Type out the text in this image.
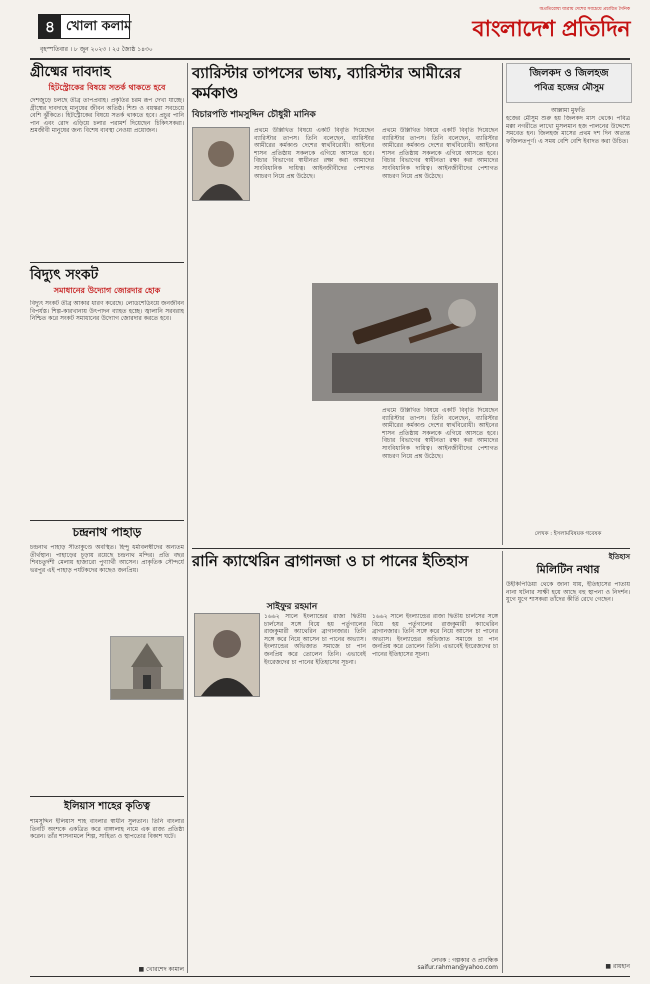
৪ খোলা কলাম
বৃহস্পতিবার । ৮ জুন ২০২৩ । ২৫ জ্যৈষ্ঠ ১৪৩০
অপ্রতিরোধ্য যাত্রায় দেশের সবচেয়ে প্রচারিত দৈনিক
বাংলাদেশ প্রতিদিন
গ্রীষ্মের দাবদাহ
হিটস্ট্রোকের বিষয়ে সতর্ক থাকতে হবে
দেশজুড়ে চলছে তীব্র তাপপ্রবাহ। প্রকৃতির চরম রূপ দেখা যাচ্ছে। গ্রীষ্মের দাবদাহে মানুষের জীবন অতিষ্ঠ। শিশু ও বয়স্করা সবচেয়ে বেশি ঝুঁকিতে। হিটস্ট্রোকের বিষয়ে সতর্ক থাকতে হবে। প্রচুর পানি পান এবং রোদ এড়িয়ে চলার পরামর্শ দিয়েছেন চিকিৎসকরা। শ্রমজীবী মানুষের জন্য বিশেষ ব্যবস্থা নেওয়া প্রয়োজন।
বিদ্যুৎ সংকট
সমাধানের উদ্যোগ জোরদার হোক
বিদ্যুৎ সংকট তীব্র আকার ধারণ করেছে। লোডশেডিংয়ে জনজীবন বিপর্যস্ত। শিল্প-কারখানায় উৎপাদন ব্যাহত হচ্ছে। জ্বালানি সরবরাহ নিশ্চিত করে সংকট সমাধানের উদ্যোগ জোরদার করতে হবে।
চন্দ্রনাথ পাহাড়
চন্দ্রনাথ পাহাড় সীতাকুণ্ডে অবস্থিত। হিন্দু ধর্মাবলম্বীদের অন্যতম তীর্থস্থান। পাহাড়ের চূড়ায় রয়েছে চন্দ্রনাথ মন্দির। প্রতি বছর শিবচতুর্দশী মেলায় হাজারো পুণ্যার্থী আসেন। প্রাকৃতিক সৌন্দর্যে ভরপুর এই পাহাড় পর্যটকদের কাছেও জনপ্রিয়।
ইলিয়াস শাহের কৃতিত্ব
শামসুদ্দিন ইলিয়াস শাহ বাংলার স্বাধীন সুলতান। তিনি বাংলার তিনটি অংশকে একত্রিত করে বাঙ্গালাহ নামে এক রাজ্য প্রতিষ্ঠা করেন। তাঁর শাসনামলে শিল্প, সাহিত্য ও স্থাপত্যের বিকাশ ঘটে।
■ খোরশেদ কামাল
ব্যারিস্টার তাপসের ভাষ্য, ব্যারিস্টার আমীরের কর্মকাণ্ড
বিচারপতি শামসুদ্দিন চৌধুরী মানিক
প্রথমে উল্লিখিত বিষয়ে একটি বিবৃতি দিয়েছেন ব্যারিস্টার তাপস। তিনি বলেছেন, ব্যারিস্টার আমীরের কর্মকাণ্ড দেশের স্বার্থবিরোধী। আইনের শাসন প্রতিষ্ঠায় সকলকে এগিয়ে আসতে হবে। বিচার বিভাগের স্বাধীনতা রক্ষা করা আমাদের সাংবিধানিক দায়িত্ব। আইনজীবীদের পেশাগত আচরণ নিয়ে প্রশ্ন উঠেছে।
প্রথমে উল্লিখিত বিষয়ে একটি বিবৃতি দিয়েছেন ব্যারিস্টার তাপস। তিনি বলেছেন, ব্যারিস্টার আমীরের কর্মকাণ্ড দেশের স্বার্থবিরোধী। আইনের শাসন প্রতিষ্ঠায় সকলকে এগিয়ে আসতে হবে। বিচার বিভাগের স্বাধীনতা রক্ষা করা আমাদের সাংবিধানিক দায়িত্ব। আইনজীবীদের পেশাগত আচরণ নিয়ে প্রশ্ন উঠেছে।
প্রথমে উল্লিখিত বিষয়ে একটি বিবৃতি দিয়েছেন ব্যারিস্টার তাপস। তিনি বলেছেন, ব্যারিস্টার আমীরের কর্মকাণ্ড দেশের স্বার্থবিরোধী। আইনের শাসন প্রতিষ্ঠায় সকলকে এগিয়ে আসতে হবে। বিচার বিভাগের স্বাধীনতা রক্ষা করা আমাদের সাংবিধানিক দায়িত্ব। আইনজীবীদের পেশাগত আচরণ নিয়ে প্রশ্ন উঠেছে।
জিলকদ ও জিলহজ
পবিত্র হজের মৌসুম
আল্লামা মুফতি
হজের মৌসুম শুরু হয় জিলকদ মাস থেকে। পবিত্র মক্কা নগরীতে লাখো মুসলমান হজ পালনের উদ্দেশ্যে সমবেত হন। জিলহজ মাসের প্রথম দশ দিন অত্যন্ত ফজিলতপূর্ণ। এ সময় বেশি বেশি ইবাদত করা উচিত।
লেখক : ইসলামবিষয়ক গবেষক
রানি ক্যাথেরিন ব্রাগানজা ও চা পানের ইতিহাস
সাইফুর রহমান
১৬৬২ সালে ইংল্যান্ডের রাজা দ্বিতীয় চার্লসের সঙ্গে বিয়ে হয় পর্তুগালের রাজকুমারী ক্যাথেরিন ব্রাগানজার। তিনি সঙ্গে করে নিয়ে আসেন চা পানের অভ্যাস। ইংল্যান্ডের অভিজাত সমাজে চা পান জনপ্রিয় করে তোলেন তিনি। এভাবেই ইংরেজদের চা পানের ইতিহাসের সূচনা।
১৬৬২ সালে ইংল্যান্ডের রাজা দ্বিতীয় চার্লসের সঙ্গে বিয়ে হয় পর্তুগালের রাজকুমারী ক্যাথেরিন ব্রাগানজার। তিনি সঙ্গে করে নিয়ে আসেন চা পানের অভ্যাস। ইংল্যান্ডের অভিজাত সমাজে চা পান জনপ্রিয় করে তোলেন তিনি। এভাবেই ইংরেজদের চা পানের ইতিহাসের সূচনা।
লেখক : গল্পকার ও প্রাবন্ধিক
saifur.rahman@yahoo.com
ইতিহাস
মিলিটিন নথার
উইকিপিডিয়া থেকে জানা যায়, ইতিহাসের পাতায় নানা ঘটনার সাক্ষী হয়ে আছে বহু স্থাপনা ও নিদর্শন। যুগে যুগে শাসকরা তাঁদের কীর্তি রেখে গেছেন।
■ রায়হান
